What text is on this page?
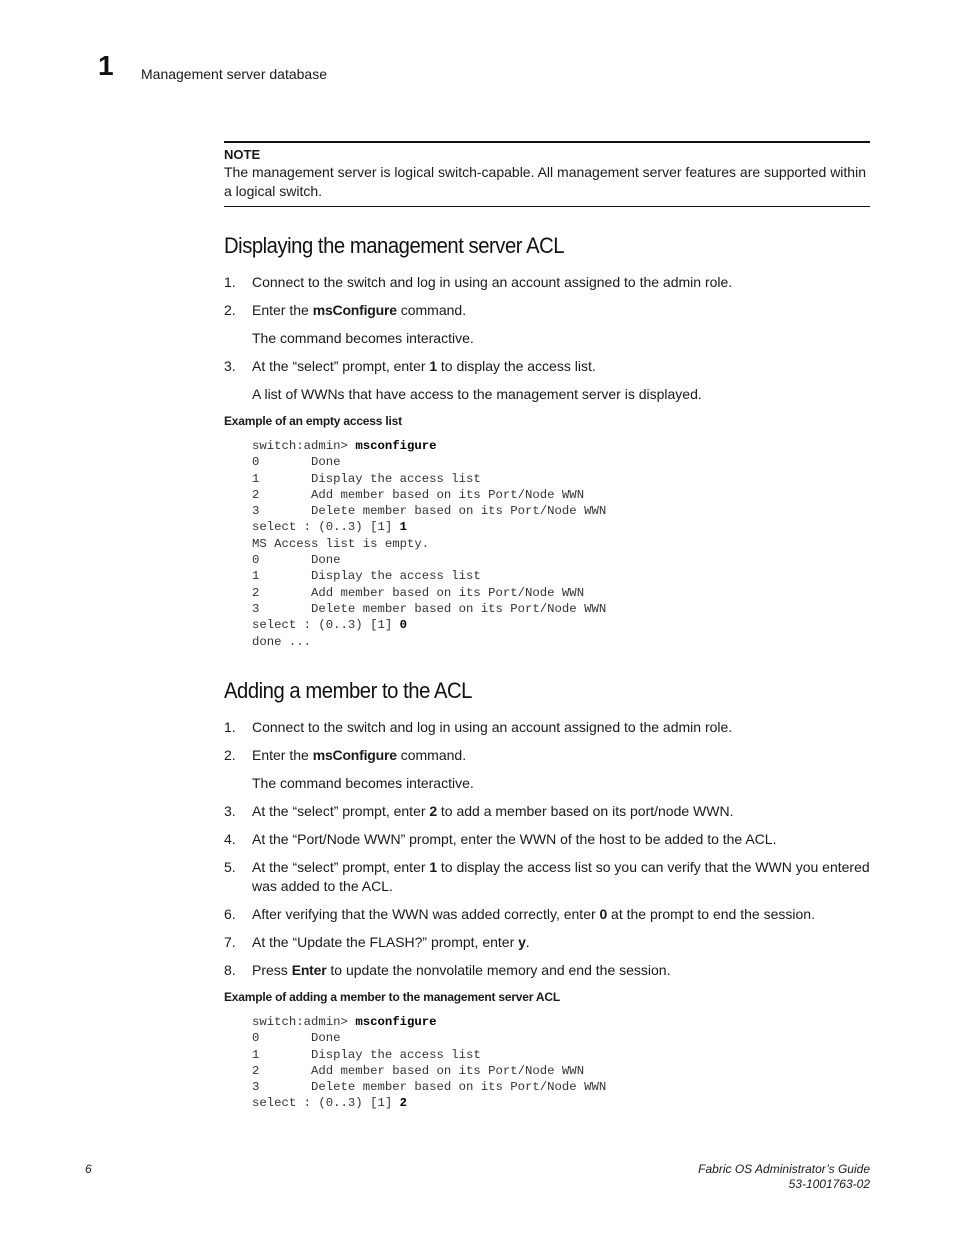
1 Management server database
NOTE
The management server is logical switch-capable. All management server features are supported within a logical switch.
Displaying the management server ACL
1. Connect to the switch and log in using an account assigned to the admin role.
2. Enter the msConfigure command.
The command becomes interactive.
3. At the “select” prompt, enter 1 to display the access list.
A list of WWNs that have access to the management server is displayed.
Example of an empty access list
switch:admin> msconfigure
0       Done
1       Display the access list
2       Add member based on its Port/Node WWN
3       Delete member based on its Port/Node WWN
select : (0..3) [1] 1
MS Access list is empty.
0       Done
1       Display the access list
2       Add member based on its Port/Node WWN
3       Delete member based on its Port/Node WWN
select : (0..3) [1] 0
done ...
Adding a member to the ACL
1. Connect to the switch and log in using an account assigned to the admin role.
2. Enter the msConfigure command.
The command becomes interactive.
3. At the “select” prompt, enter 2 to add a member based on its port/node WWN.
4. At the “Port/Node WWN” prompt, enter the WWN of the host to be added to the ACL.
5. At the “select” prompt, enter 1 to display the access list so you can verify that the WWN you entered was added to the ACL.
6. After verifying that the WWN was added correctly, enter 0 at the prompt to end the session.
7. At the “Update the FLASH?” prompt, enter y.
8. Press Enter to update the nonvolatile memory and end the session.
Example of adding a member to the management server ACL
switch:admin> msconfigure
0       Done
1       Display the access list
2       Add member based on its Port/Node WWN
3       Delete member based on its Port/Node WWN
select : (0..3) [1] 2
6	Fabric OS Administrator’s Guide
53-1001763-02
